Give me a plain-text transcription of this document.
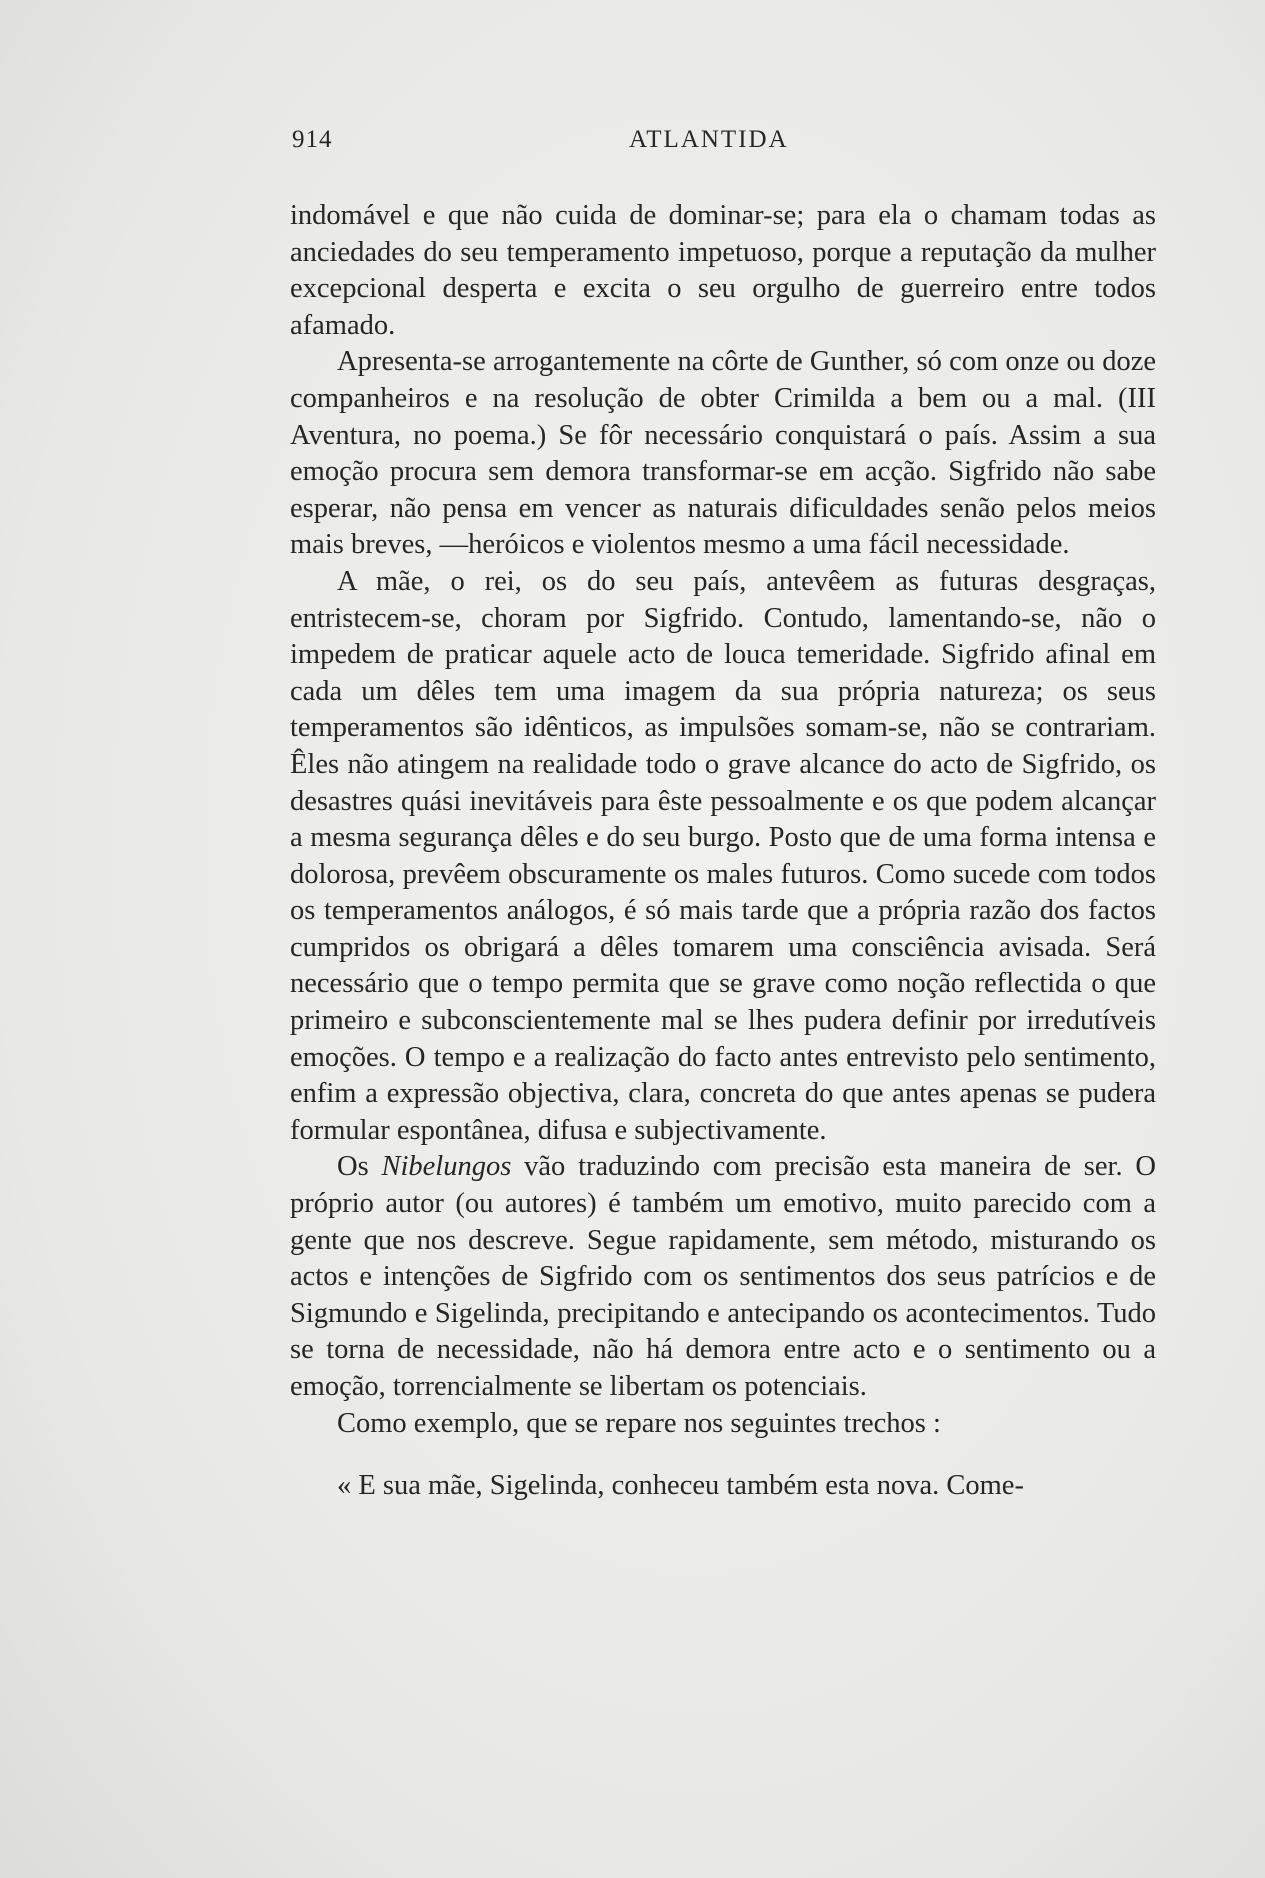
914	ATLANTIDA

indomável e que não cuida de dominar-se; para ela o chamam todas as anciedades do seu temperamento impetuoso, porque a reputação da mulher excepcional desperta e excita o seu orgulho de guerreiro entre todos afamado.

Apresenta-se arrogantemente na côrte de Gunther, só com onze ou doze companheiros e na resolução de obter Crimilda a bem ou a mal. (III Aventura, no poema.) Se fôr necessário conquistará o país. Assim a sua emoção procura sem demora transformar-se em acção. Sigfrido não sabe esperar, não pensa em vencer as naturais dificuldades senão pelos meios mais breves, —heróicos e violentos mesmo a uma fácil necessidade.

A mãe, o rei, os do seu país, antevêem as futuras desgraças, entristecem-se, choram por Sigfrido. Contudo, lamentando-se, não o impedem de praticar aquele acto de louca temeridade. Sigfrido afinal em cada um dêles tem uma imagem da sua própria natureza; os seus temperamentos são idênticos, as impulsões somam-se, não se contrariam. Êles não atingem na realidade todo o grave alcance do acto de Sigfrido, os desastres quási inevitáveis para êste pessoalmente e os que podem alcançar a mesma segurança dêles e do seu burgo. Posto que de uma forma intensa e dolorosa, prevêem obscuramente os males futuros. Como sucede com todos os temperamentos análogos, é só mais tarde que a própria razão dos factos cumpridos os obrigará a dêles tomarem uma consciência avisada. Será necessário que o tempo permita que se grave como noção reflectida o que primeiro e subconscientemente mal se lhes pudera definir por irredutíveis emoções. O tempo e a realização do facto antes entrevisto pelo sentimento, enfim a expressão objectiva, clara, concreta do que antes apenas se pudera formular espontânea, difusa e subjectivamente.

Os Nibelungos vão traduzindo com precisão esta maneira de ser. O próprio autor (ou autores) é também um emotivo, muito parecido com a gente que nos descreve. Segue rapidamente, sem método, misturando os actos e intenções de Sigfrido com os sentimentos dos seus patrícios e de Sigmundo e Sigelinda, precipitando e antecipando os acontecimentos. Tudo se torna de necessidade, não há demora entre acto e o sentimento ou a emoção, torrencialmente se libertam os potenciais.

Como exemplo, que se repare nos seguintes trechos :

« E sua mãe, Sigelinda, conheceu também esta nova. Come-
